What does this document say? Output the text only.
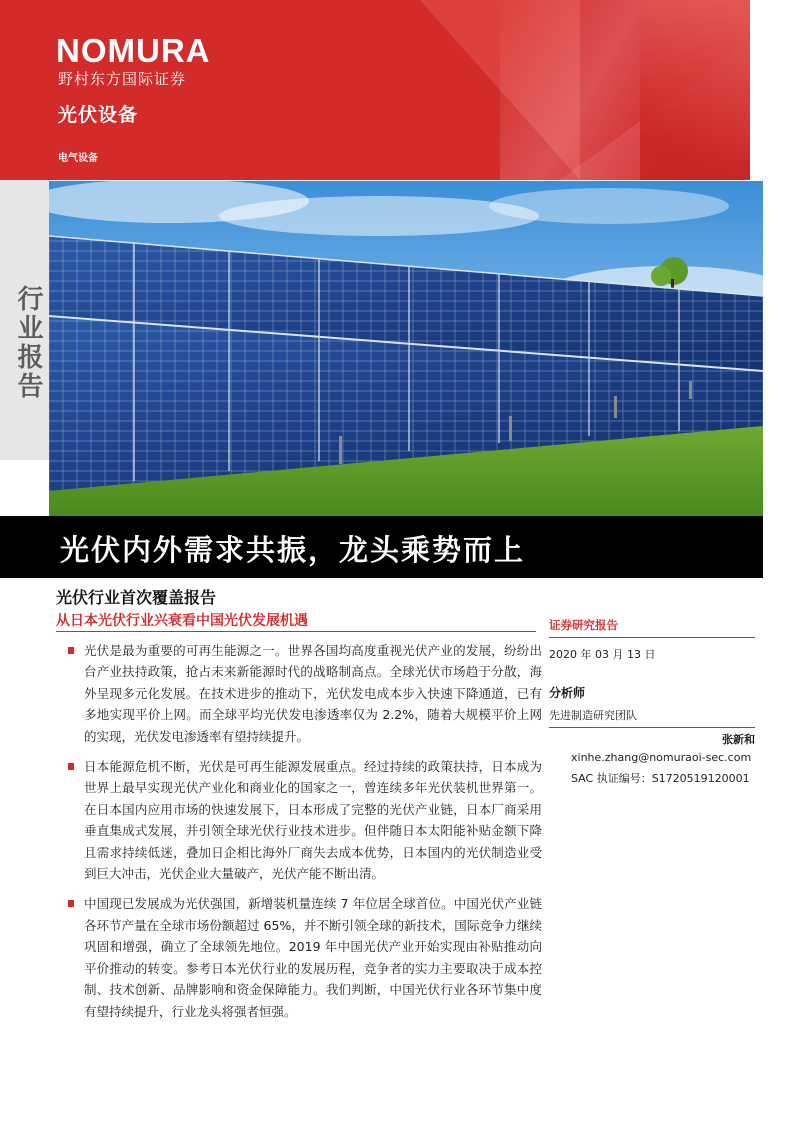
NOMURA
野村东方国际证券
光伏设备
电气设备
行业报告
光伏内外需求共振，龙头乘势而上
光伏行业首次覆盖报告
从日本光伏行业兴衰看中国光伏发展机遇
光伏是最为重要的可再生能源之一。世界各国均高度重视光伏产业的发展，纷纷出台产业扶持政策，抢占未来新能源时代的战略制高点。全球光伏市场趋于分散，海外呈现多元化发展。在技术进步的推动下，光伏发电成本步入快速下降通道，已有多地实现平价上网。而全球平均光伏发电渗透率仅为 2.2%，随着大规模平价上网的实现，光伏发电渗透率有望持续提升。
日本能源危机不断，光伏是可再生能源发展重点。经过持续的政策扶持，日本成为世界上最早实现光伏产业化和商业化的国家之一，曾连续多年光伏装机世界第一。在日本国内应用市场的快速发展下，日本形成了完整的光伏产业链，日本厂商采用垂直集成式发展，并引领全球光伏行业技术进步。但伴随日本太阳能补贴金额下降且需求持续低迷，叠加日企相比海外厂商失去成本优势，日本国内的光伏制造业受到巨大冲击，光伏企业大量破产，光伏产能不断出清。
中国现已发展成为光伏强国，新增装机量连续 7 年位居全球首位。中国光伏产业链各环节产量在全球市场份额超过 65%，并不断引领全球的新技术，国际竞争力继续巩固和增强，确立了全球领先地位。2019 年中国光伏产业开始实现由补贴推动向平价推动的转变。参考日本光伏行业的发展历程，竞争者的实力主要取决于成本控制、技术创新、品牌影响和资金保障能力。我们判断，中国光伏行业各环节集中度有望持续提升，行业龙头将强者恒强。
证券研究报告
2020 年 03 月 13 日
分析师
先进制造研究团队
张新和
xinhe.zhang@nomuraoi-sec.com
SAC 执证编号：S1720519120001
